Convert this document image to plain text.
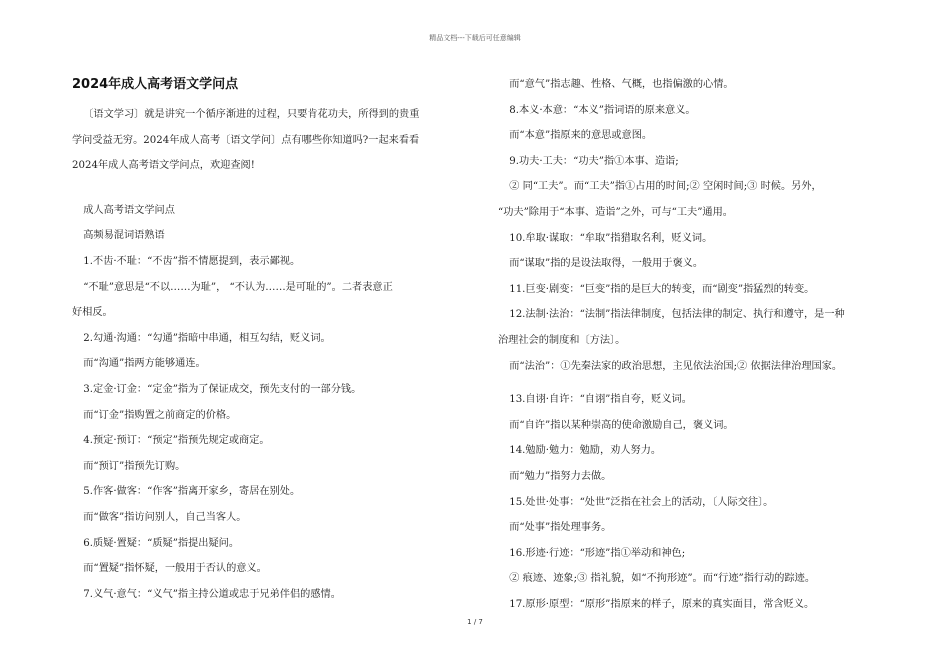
精品文档---下载后可任意编辑
2024年成人高考语文学问点

〔语文学习〕就是讲究一个循序渐进的过程，只要肯花功夫，所得到的贵重

学问受益无穷。2024年成人高考〔语文学问〕点有哪些你知道吗?一起来看看

2024年成人高考语文学问点，欢迎查阅!

成人高考语文学问点

高频易混词语熟语

1.不齿·不耻：“不齿”指不情愿提到，表示鄙视。

“不耻”意思是“不以……为耻”， “不认为……是可耻的”。二者表意正

好相反。

2.勾通·沟通：“勾通”指暗中串通，相互勾结，贬义词。

而“沟通”指两方能够通连。

3.定金·订金：“定金”指为了保证成交，预先支付的一部分钱。

而“订金”指购置之前商定的价格。

4.预定·预订：“预定”指预先规定或商定。

而“预订”指预先订购。

5.作客·做客：“作客”指离开家乡，寄居在别处。

而“做客”指访问别人，自己当客人。

6.质疑·置疑：“质疑”指提出疑问。

而“置疑”指怀疑，一般用于否认的意义。

7.义气·意气：“义气”指主持公道或忠于兄弟伴侣的感情。

而“意气”指志趣、性格、气概，也指偏激的心情。

8.本义·本意：“本义”指词语的原来意义。

而“本意”指原来的意思或意图。

9.功夫·工夫：“功夫”指①本事、造诣;

② 同“工夫”。而“工夫”指①占用的时间;② 空闲时间;③ 时候。另外，

“功夫”除用于“本事、造诣”之外，可与“工夫”通用。

10.牟取·谋取：“牟取”指猎取名利，贬义词。

而“谋取”指的是设法取得，一般用于褒义。

11.巨变·剧变：“巨变”指的是巨大的转变，而“剧变”指猛烈的转变。

12.法制·法治：“法制”指法律制度，包括法律的制定、执行和遵守，是一种

治理社会的制度和〔方法〕。

而“法治”：①先秦法家的政治思想，主见依法治国;② 依据法律治理国家。

13.自诩·自许：“自诩”指自夸，贬义词。

而“自许”指以某种崇高的使命激励自己，褒义词。

14.勉励·勉力：勉励，劝人努力。

而“勉力”指努力去做。

15.处世·处事：“处世”泛指在社会上的活动，〔人际交往〕。

而“处事”指处理事务。

16.形迹·行迹：“形迹”指①举动和神色;

② 痕迹、迹象;③ 指礼貌，如“不拘形迹”。而“行迹”指行动的踪迹。

17.原形·原型：“原形”指原来的样子，原来的真实面目，常含贬义。

1 / 7
